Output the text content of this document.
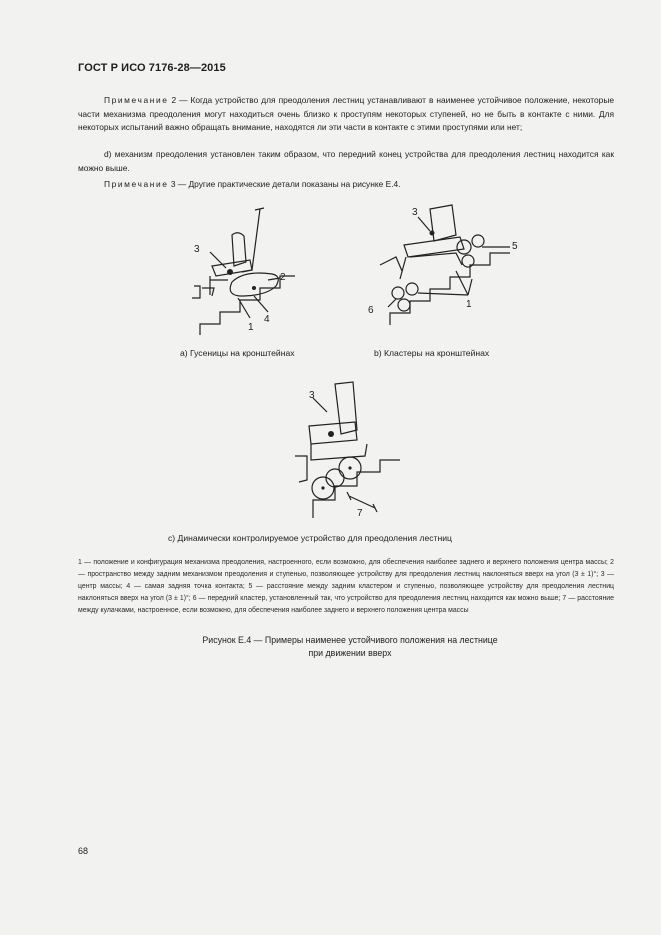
ГОСТ Р ИСО 7176-28—2015
Примечание 2 — Когда устройство для преодоления лестниц устанавливают в наименее устойчивое положение, некоторые части механизма преодоления могут находиться очень близко к проступям некоторых ступеней, но не быть в контакте с ними. Для некоторых испытаний важно обращать внимание, находятся ли эти части в контакте с этими проступями или нет;
d) механизм преодоления установлен таким образом, что передний конец устройства для преодоления лестниц находится как можно выше.
Примечание 3 — Другие практические детали показаны на рисунке Е.4.
3
2
4
1
3
5
6
1
а) Гусеницы на кронштейнах	b) Кластеры на кронштейнах
3
7
с) Динамически контролируемое устройство для преодоления лестниц
1 — положение и конфигурация механизма преодоления, настроенного, если возможно, для обеспечения наиболее заднего и верхнего положения центра массы; 2 — пространство между задним механизмом преодоления и ступенью, позволяющее устройству для преодоления лестниц наклоняться вверх на угол (3 ± 1)°; 3 — центр массы; 4 — самая задняя точка контакта; 5 — расстояние между задним кластером и ступенью, позволяющее устройству для преодоления лестниц наклоняться вверх на угол (3 ± 1)°; 6 — передний кластер, установленный так, что устройство для преодоления лестниц находится как можно выше; 7 — расстояние между кулачками, настроенное, если возможно, для обеспечения наиболее заднего и верхнего положения центра массы
Рисунок Е.4 — Примеры наименее устойчивого положения на лестнице
при движении вверх
68
